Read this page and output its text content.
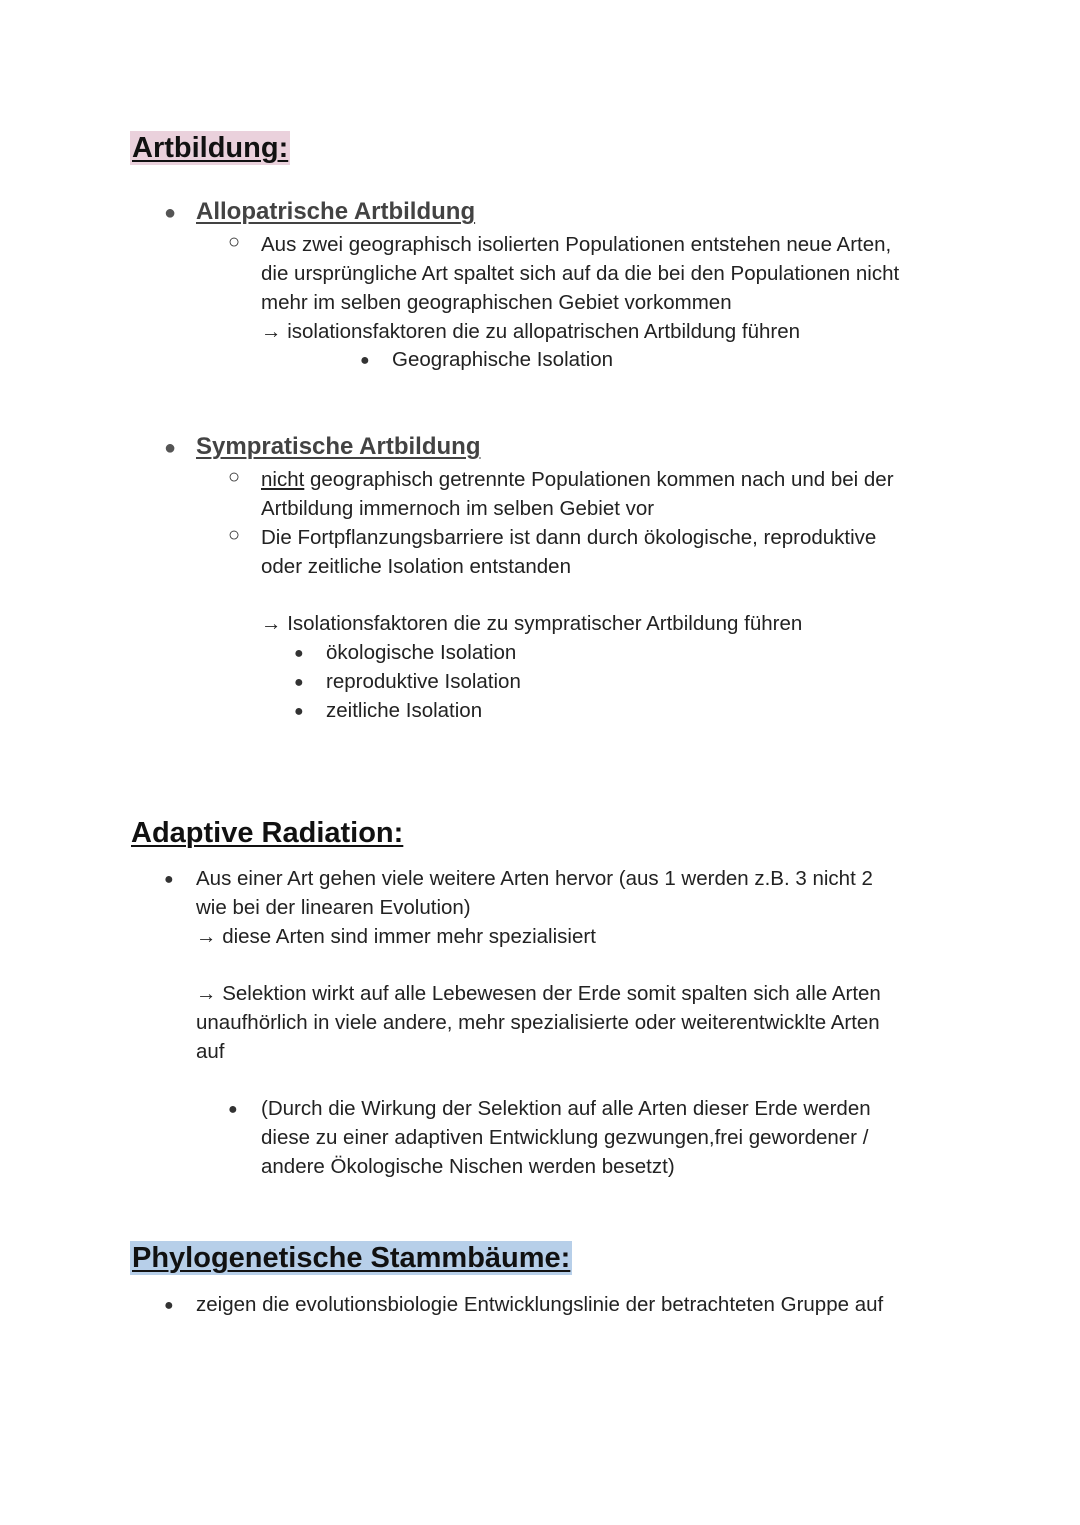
Artbildung:
● Allopatrische Artbildung
○ Aus zwei geographisch isolierten Populationen entstehen neue Arten,
die ursprüngliche Art spaltet sich auf da die bei den Populationen nicht
mehr im selben geographischen Gebiet vorkommen
→ isolationsfaktoren die zu allopatrischen Artbildung führen
● Geographische Isolation
● Sympratische Artbildung
○ nicht geographisch getrennte Populationen kommen nach und bei der
Artbildung immernoch im selben Gebiet vor
○ Die Fortpflanzungsbarriere ist dann durch ökologische, reproduktive
oder zeitliche Isolation entstanden
→ Isolationsfaktoren die zu sympratischer Artbildung führen
● ökologische Isolation
● reproduktive Isolation
● zeitliche Isolation
Adaptive Radiation:
● Aus einer Art gehen viele weitere Arten hervor (aus 1 werden z.B. 3 nicht 2
wie bei der linearen Evolution)
→ diese Arten sind immer mehr spezialisiert
→ Selektion wirkt auf alle Lebewesen der Erde somit spalten sich alle Arten
unaufhörlich in viele andere, mehr spezialisierte oder weiterentwicklte Arten
auf
● (Durch die Wirkung der Selektion auf alle Arten dieser Erde werden
diese zu einer adaptiven Entwicklung gezwungen,frei gewordener /
andere Ökologische Nischen werden besetzt)
Phylogenetische Stammbäume:
● zeigen die evolutionsbiologie Entwicklungslinie der betrachteten Gruppe auf
